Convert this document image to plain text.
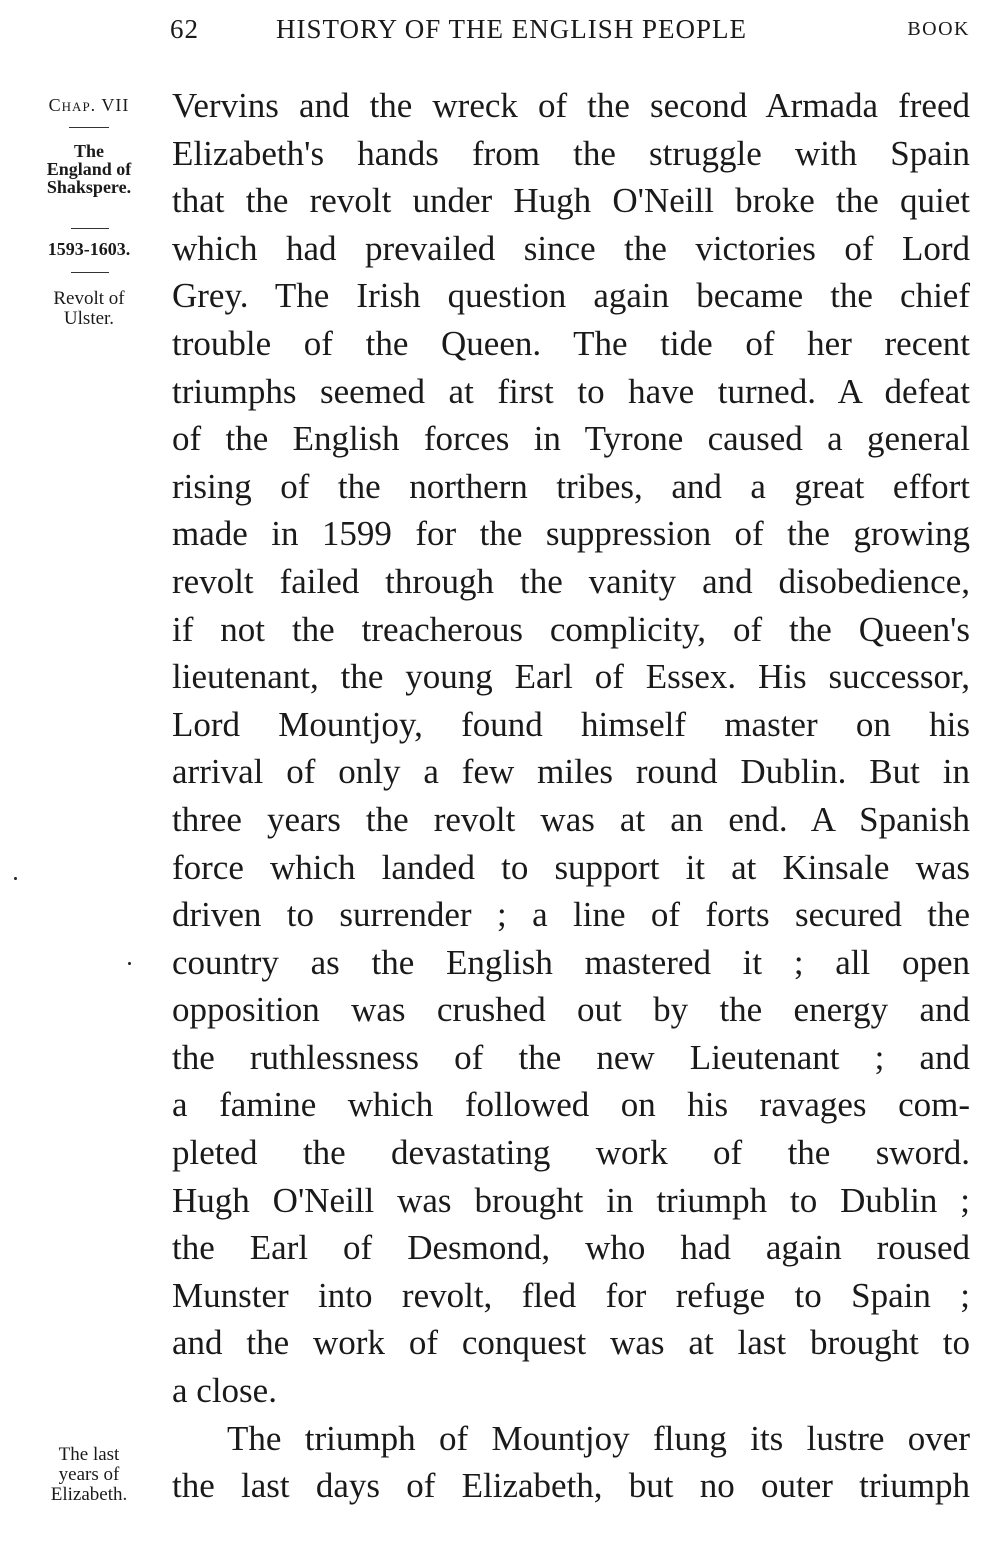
62	HISTORY OF THE ENGLISH PEOPLE	BOOK
Chap. VII
The
England of
Shakspere.
1593-1603.
Revolt of
Ulster.
The last
years of
Elizabeth.

Vervins and the wreck of the second Armada freed
Elizabeth's hands from the struggle with Spain
that the revolt under Hugh O'Neill broke the quiet
which had prevailed since the victories of Lord
Grey. The Irish question again became the chief
trouble of the Queen. The tide of her recent
triumphs seemed at first to have turned. A defeat
of the English forces in Tyrone caused a general
rising of the northern tribes, and a great effort
made in 1599 for the suppression of the growing
revolt failed through the vanity and disobedience,
if not the treacherous complicity, of the Queen's
lieutenant, the young Earl of Essex. His successor,
Lord Mountjoy, found himself master on his
arrival of only a few miles round Dublin. But in
three years the revolt was at an end. A Spanish
force which landed to support it at Kinsale was
driven to surrender ; a line of forts secured the
country as the English mastered it ; all open
opposition was crushed out by the energy and
the ruthlessness of the new Lieutenant ; and
a famine which followed on his ravages com-
pleted the devastating work of the sword.
Hugh O'Neill was brought in triumph to Dublin ;
the Earl of Desmond, who had again roused
Munster into revolt, fled for refuge to Spain ;
and the work of conquest was at last brought to
a close.

The triumph of Mountjoy flung its lustre over
the last days of Elizabeth, but no outer triumph
